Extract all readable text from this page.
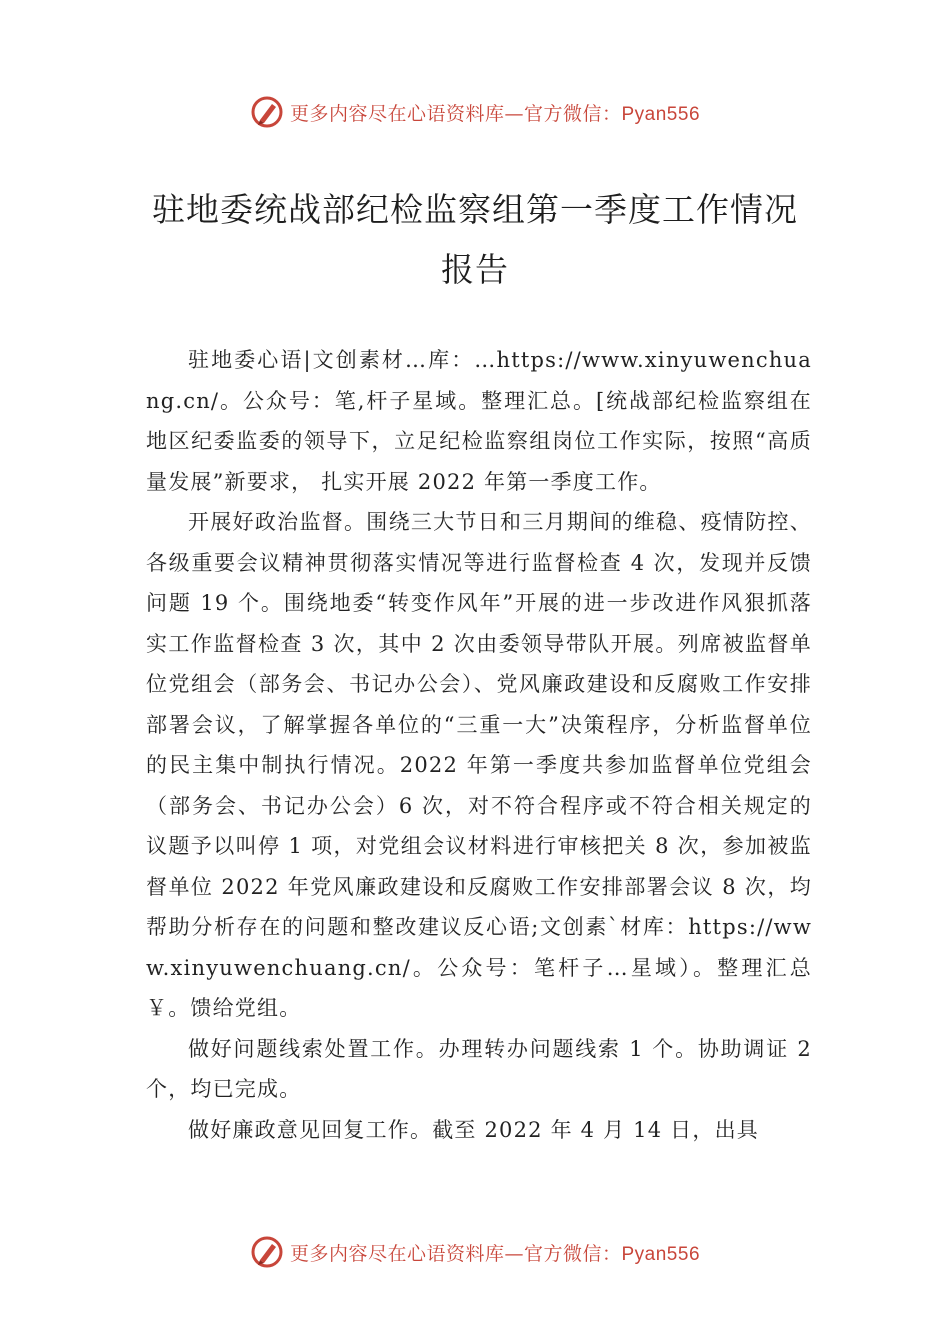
更多内容尽在心语资料库—官方微信：Pyan556
驻地委统战部纪检监察组第一季度工作情况报告

驻地委心语|文创素材…库：…https://www.xinyuwenchuang.cn/。公众号：笔,杆子星域。整理汇总。[统战部纪检监察组在地区纪委监委的领导下，立足纪检监察组岗位工作实际，按照“高质量发展”新要求， 扎实开展 2022 年第一季度工作。

开展好政治监督。围绕三大节日和三月期间的维稳、疫情防控、各级重要会议精神贯彻落实情况等进行监督检查 4 次，发现并反馈问题 19 个。围绕地委“转变作风年”开展的进一步改进作风狠抓落实工作监督检查 3 次，其中 2 次由委领导带队开展。列席被监督单位党组会（部务会、书记办公会）、党风廉政建设和反腐败工作安排部署会议，了解掌握各单位的“三重一大”决策程序，分析监督单位的民主集中制执行情况。2022 年第一季度共参加监督单位党组会（部务会、书记办公会）6 次，对不符合程序或不符合相关规定的议题予以叫停 1 项，对党组会议材料进行审核把关 8 次，参加被监督单位 2022 年党风廉政建设和反腐败工作安排部署会议 8 次，均帮助分析存在的问题和整改建议反心语;文创素`材库：https://www.xinyuwenchuang.cn/。公众号：笔杆子…星域）。整理汇总￥。馈给党组。

做好问题线索处置工作。办理转办问题线索 1 个。协助调证 2 个，均已完成。

做好廉政意见回复工作。截至 2022 年 4 月 14 日，出具

更多内容尽在心语资料库—官方微信：Pyan556
